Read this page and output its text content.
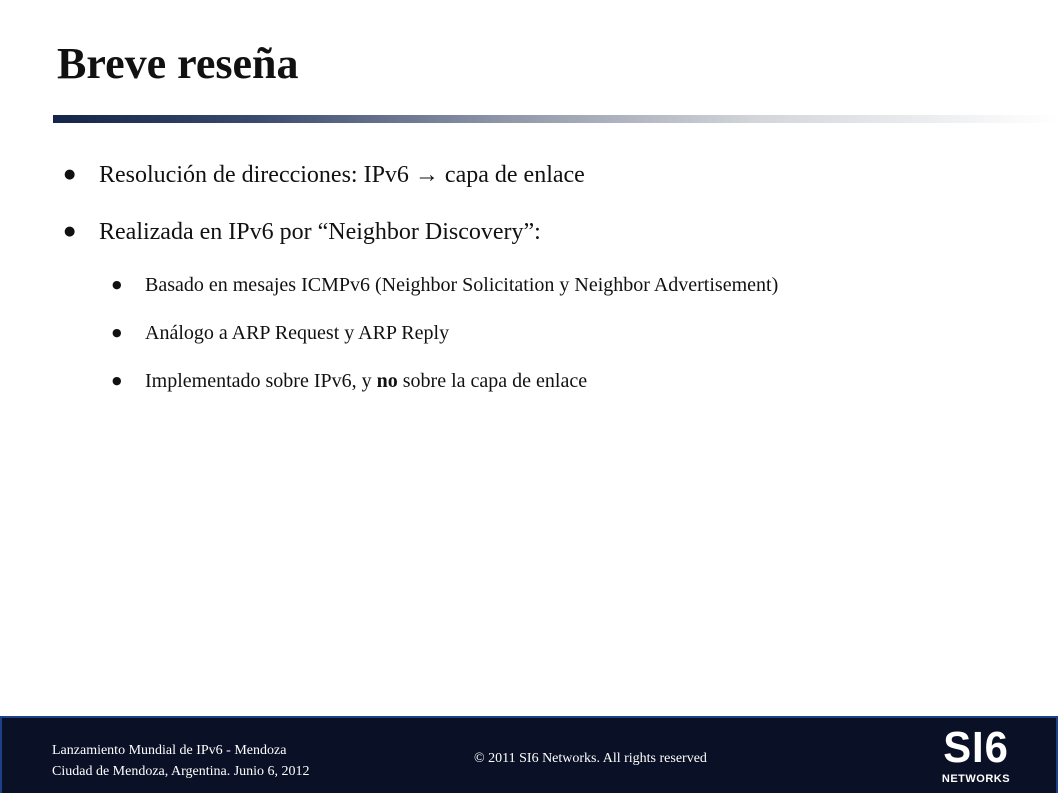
Breve reseña
● Resolución de direcciones: IPv6 → capa de enlace
● Realizada en IPv6 por “Neighbor Discovery”:
● Basado en mesajes ICMPv6 (Neighbor Solicitation y Neighbor Advertisement)
● Análogo a ARP Request y ARP Reply
● Implementado sobre IPv6, y no sobre la capa de enlace
Lanzamiento Mundial de IPv6 - Mendoza
Ciudad de Mendoza, Argentina. Junio 6, 2012
© 2011 SI6 Networks. All rights reserved	SI6
NETWORKS
